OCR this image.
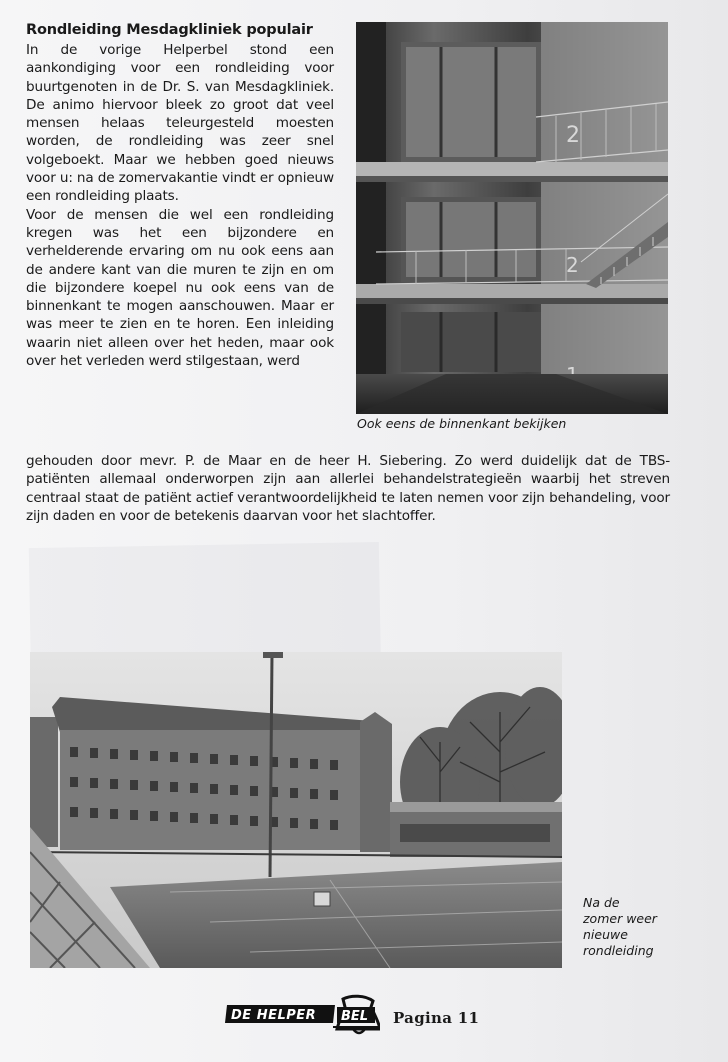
Rondleiding Mesdagkliniek populair

In de vorige Helperbel stond een aankondiging voor een rondleiding voor buurtgenoten in de Dr. S. van Mesdagkliniek. De animo hiervoor bleek zo groot dat veel mensen helaas teleurgesteld moesten worden, de rondleiding was zeer snel volgeboekt. Maar we hebben goed nieuws voor u: na de zomervakantie vindt er opnieuw een rondleiding plaats.

Voor de mensen die wel een rondleiding kregen was het een bijzondere en verhelderende ervaring om nu ook eens aan de andere kant van die muren te zijn en om die bijzondere koepel nu ook eens van de binnenkant te mogen aanschouwen. Maar er was meer te zien en te horen. Een inleiding waarin niet alleen over het heden, maar ook over het verleden werd stilgestaan, werd

gehouden door mevr. P. de Maar en de heer H. Siebering. Zo werd duidelijk dat de TBS-patiënten allemaal onderworpen zijn aan allerlei behandelstrategieën waarbij het streven centraal staat de patiënt actief verantwoordelijkheid te laten nemen voor zijn behandeling, voor zijn daden en voor de betekenis daarvan voor het slachtoffer.

2
2
Ook eens de binnenkant bekijken
Na de
zomer weer
nieuwe
rondleiding
DE HELPER BEL Pagina 11
